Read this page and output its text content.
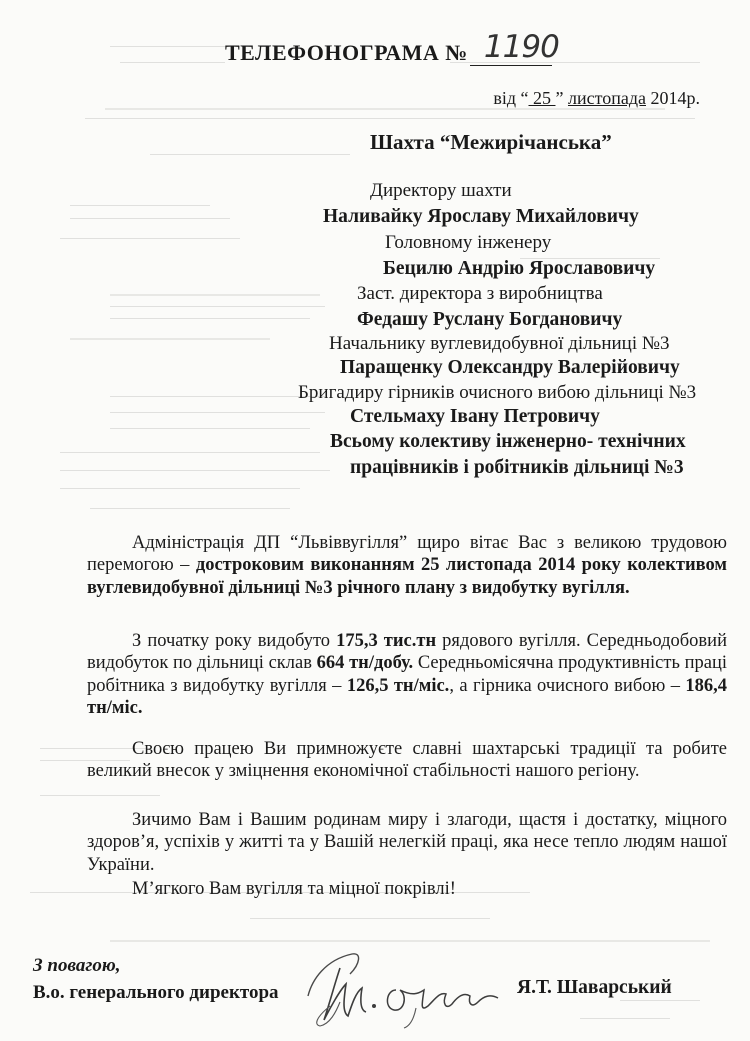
ТЕЛЕФОНОГРАМА № 1190
від “ 25 ” листопада 2014р.
Шахта “Межирічанська”
Директору шахти
Наливайку Ярославу Михайловичу
Головному інженеру
Бецилю Андрію Ярославовичу
Заст. директора з виробництва
Федашу Руслану Богдановичу
Начальнику вуглевидобувної дільниці №3
Паращенку Олександру Валерійовичу
Бригадиру гірників очисного вибою дільниці №3
Стельмаху Івану Петровичу
Всьому колективу інженерно- технічних
працівників і робітників дільниці №3

Адміністрація ДП “Львіввугілля” щиро вітає Вас з великою трудовою перемогою – достроковим виконанням 25 листопада 2014 року колективом вуглевидобувної дільниці №3 річного плану з видобутку вугілля.

З початку року видобуто 175,3 тис.тн рядового вугілля. Середньодобовий видобуток по дільниці склав 664 тн/добу. Середньомісячна продуктивність праці робітника з видобутку вугілля – 126,5 тн/міс., а гірника очисного вибою – 186,4 тн/міс.

Своєю працею Ви примножуєте славні шахтарські традиції та робите великий внесок у зміцнення економічної стабільності нашого регіону.

Зичимо Вам і Вашим родинам миру і злагоди, щастя і достатку, міцного здоров’я, успіхів у житті та у Вашій нелегкій праці, яка несе тепло людям нашої України.

М’ягкого Вам вугілля та міцної покрівлі!

З повагою,
В.о. генерального директора	Я.Т. Шаварський
